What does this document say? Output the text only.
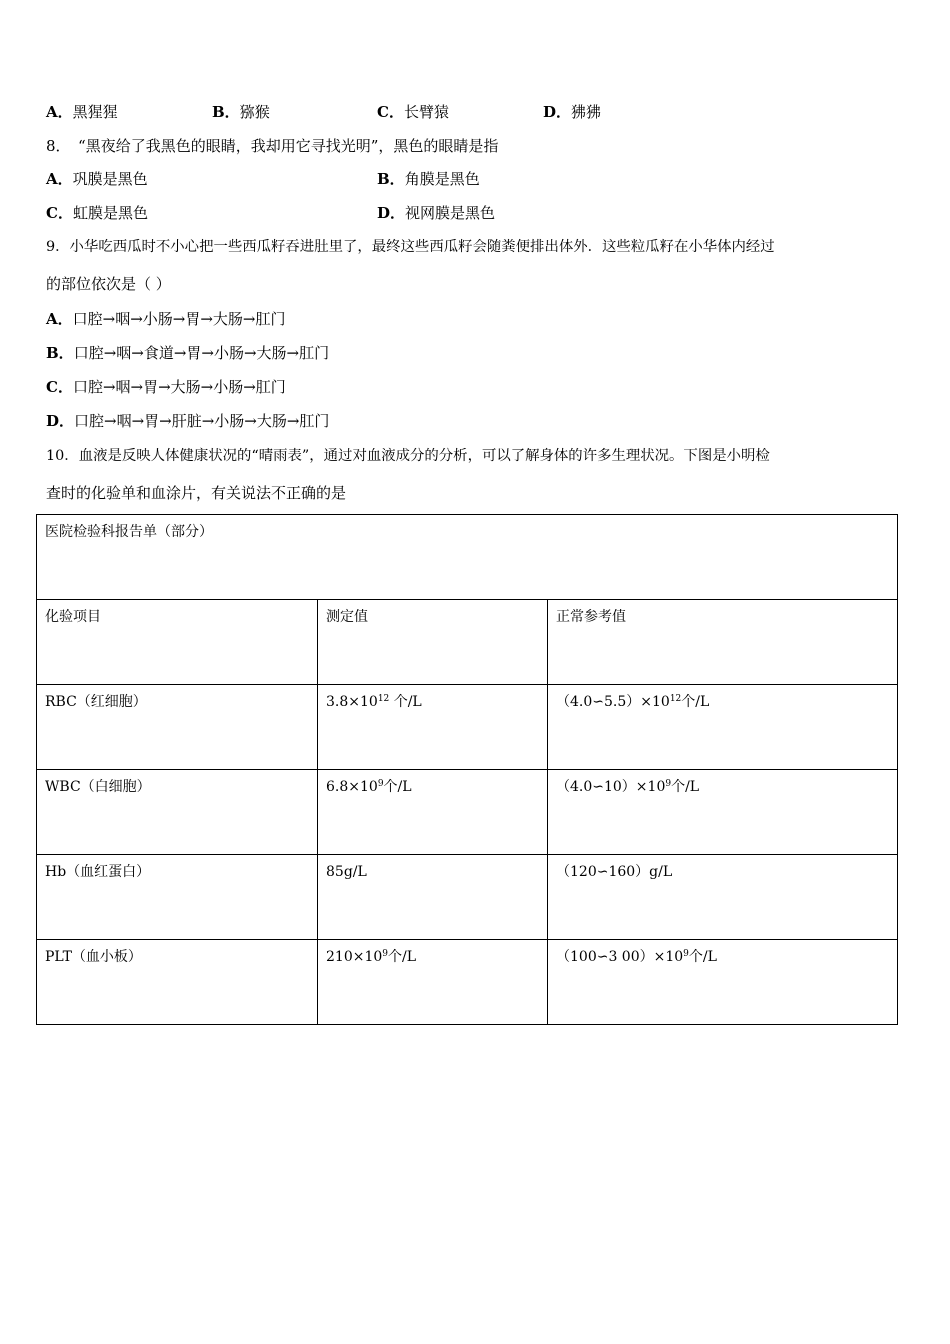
A．黑猩猩	B．猕猴	C．长臂猿	D．狒狒
8．　“黑夜给了我黑色的眼睛，我却用它寻找光明”，黑色的眼睛是指
A．巩膜是黑色	B．角膜是黑色
C．虹膜是黑色	D．视网膜是黑色
9．小华吃西瓜时不小心把一些西瓜籽吞进肚里了，最终这些西瓜籽会随粪便排出体外．这些粒瓜籽在小华体内经过
的部位依次是（ ）
A．口腔→咽→小肠→胃→大肠→肛门
B．口腔→咽→食道→胃→小肠→大肠→肛门
C．口腔→咽→胃→大肠→小肠→肛门
D．口腔→咽→胃→肝脏→小肠→大肠→肛门
10．血液是反映人体健康状况的“晴雨表”，通过对血液成分的分析，可以了解身体的许多生理状况。下图是小明检
查时的化验单和血涂片，有关说法不正确的是
医院检验科报告单（部分）		
化验项目	测定值	正常参考值
RBC（红细胞）	$3.8\times 10^{12}$ 个/L	$(4.0∽5.5)\times 10^{12}$个/L
WBC（白细胞）	$6.8\times 10^9$个/L	$(4.0∽10)\times 10^9$个/L
Hb（血红蛋白）	85g/L	（120∽160）g/L
PLT（血小板）	$210\times 10^9$个/L	（100∽3 $00)\times 10^9$个/L
